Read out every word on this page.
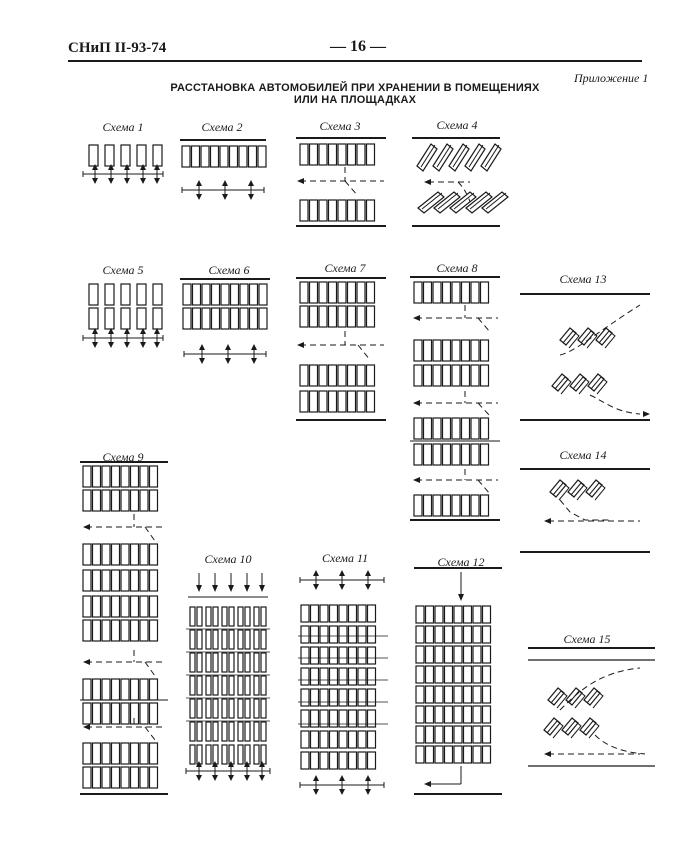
СНиП II-93-74	— 16 —
Приложение 1
РАССТАНОВКА АВТОМОБИЛЕЙ ПРИ ХРАНЕНИИ В ПОМЕЩЕНИЯХ
ИЛИ НА ПЛОЩАДКАХ
Схема 1	Схема 2	Схема 3	Схема 4
Схема 5	Схема 6	Схема 7	Схема 8
Схема 9
Схема 10	Схема 11	Схема 12
Схема 13
Схема 14
Схема 15
